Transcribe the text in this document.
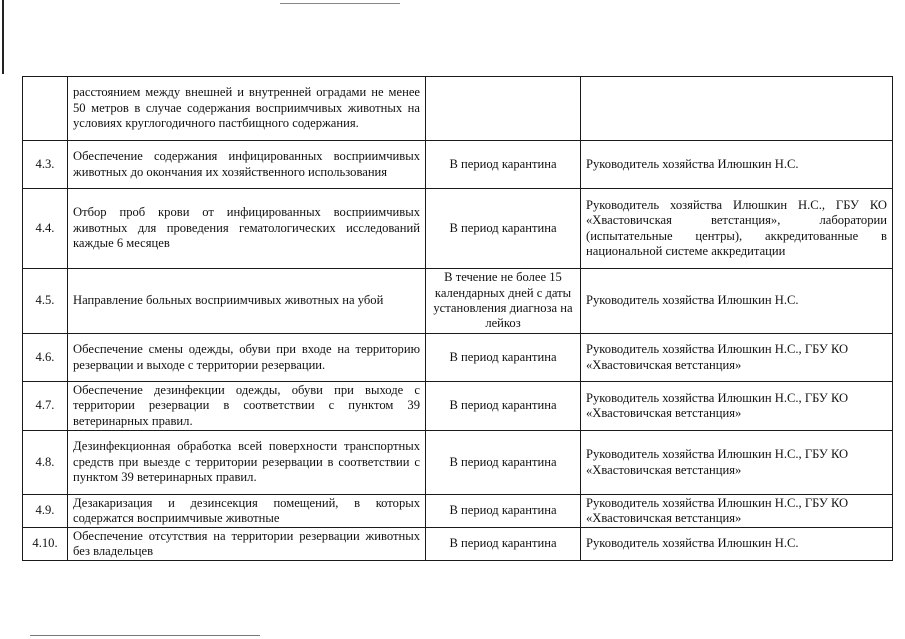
	расстоянием между внешней и внутренней оградами не менее 50 метров в случае содержания восприимчивых животных на условиях круглогодичного пастбищного содержания.		
4.3.	Обеспечение содержания инфицированных восприимчивых животных до окончания их хозяйственного использования	В период карантина	Руководитель хозяйства Илюшкин Н.С.
4.4.	Отбор проб крови от инфицированных восприимчивых животных для проведения гематологических исследований каждые 6 месяцев	В период карантина	Руководитель хозяйства Илюшкин Н.С., ГБУ КО «Хвастовичская ветстанция», лаборатории (испытательные центры), аккредитованные в национальной системе аккредитации
4.5.	Направление больных восприимчивых животных на убой	В течение не более 15 календарных дней с даты установления диагноза на лейкоз	Руководитель хозяйства Илюшкин Н.С.
4.6.	Обеспечение смены одежды, обуви при входе на территорию резервации и выходе с территории резервации.	В период карантина	Руководитель хозяйства Илюшкин Н.С., ГБУ КО «Хвастовичская ветстанция»
4.7.	Обеспечение дезинфекции одежды, обуви при выходе с территории резервации в соответствии с пунктом 39 ветеринарных правил.	В период карантина	Руководитель хозяйства Илюшкин Н.С., ГБУ КО «Хвастовичская ветстанция»
4.8.	Дезинфекционная обработка всей поверхности транспортных средств при выезде с территории резервации в соответствии с пунктом 39 ветеринарных правил.	В период карантина	Руководитель хозяйства Илюшкин Н.С., ГБУ КО «Хвастовичская ветстанция»
4.9.	Дезакаризация и дезинсекция помещений, в которых содержатся восприимчивые животные	В период карантина	Руководитель хозяйства Илюшкин Н.С., ГБУ КО «Хвастовичская ветстанция»
4.10.	Обеспечение отсутствия на территории резервации животных без владельцев	В период карантина	Руководитель хозяйства Илюшкин Н.С.
